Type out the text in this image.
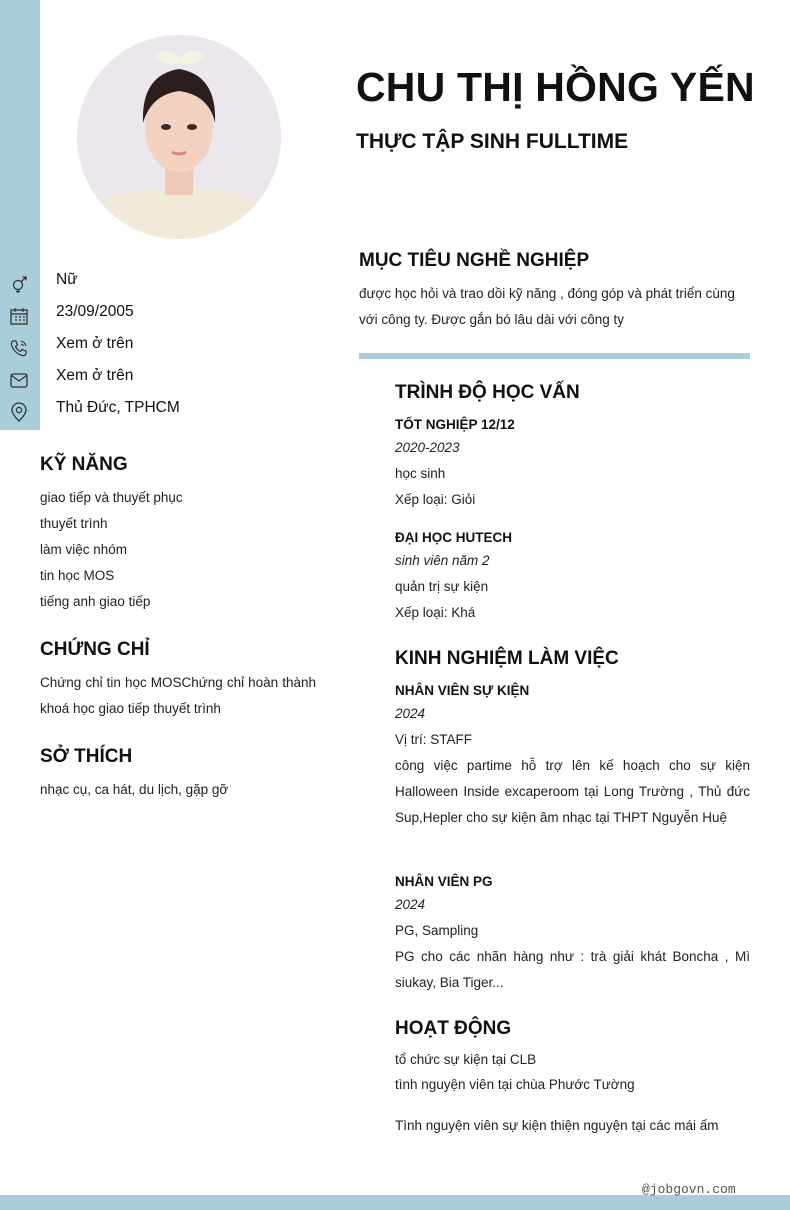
CHU THỊ HỒNG YẾN
THỰC TẬP SINH FULLTIME
Nữ
23/09/2005
Xem ở trên
Xem ở trên
Thủ Đức, TPHCM
KỸ NĂNG
giao tiếp và thuyết phục
thuyết trình
làm việc nhóm
tin học MOS
tiếng anh giao tiếp
CHỨNG CHỈ
Chứng chỉ tin học MOSChứng chỉ hoàn thành khoá học giao tiếp thuyết trình
SỞ THÍCH
nhạc cụ, ca hát, du lịch, gặp gỡ
MỤC TIÊU NGHỀ NGHIỆP
được học hỏi và trao dồi kỹ năng , đóng góp và phát triển cùng với công ty. Được gắn bó lâu dài với công ty
TRÌNH ĐỘ HỌC VẤN
TỐT NGHIỆP 12/12
2020-2023
học sinh
Xếp loại: Giỏi
ĐẠI HỌC HUTECH
sinh viên năm 2
quản trị sự kiện
Xếp loại: Khá
KINH NGHIỆM LÀM VIỆC
NHÂN VIÊN SỰ KIỆN
2024
Vị trí: STAFF
công việc partime hỗ trợ lên kế hoạch cho sự kiện Halloween Inside excaperoom tại Long Trường , Thủ đức Sup,Hepler cho sự kiện âm nhạc tại THPT Nguyễn Huệ
NHÂN VIÊN PG
2024
PG, Sampling
PG cho các nhãn hàng như : trà giải khát Boncha , Mì siukay, Bia Tiger...
HOẠT ĐỘNG
tổ chức sự kiện tại CLB
tình nguyện viên tại chùa Phước Tường
Tình nguyện viên sự kiện thiện nguyện tại các mái ấm
@jobgovn.com
